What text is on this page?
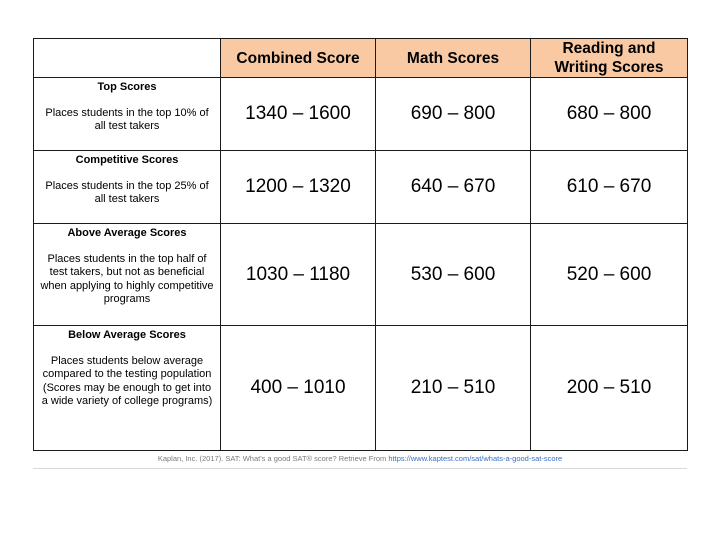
	Combined Score	Math Scores	Reading and
Writing Scores

Top Scores
Places students in the top 10% of all test takers	1340 – 1600	690 – 800	680 – 800

Competitive Scores
Places students in the top 25% of all test takers	1200 – 1320	640 – 670	610 – 670

Above Average Scores
Places students in the top half of test takers, but not as beneficial when applying to highly competitive programs	1030 – 1180	530 – 600	520 – 600

Below Average Scores
Places students below average compared to the testing population (Scores may be enough to get into a wide variety of college programs)	400 – 1010	210 – 510	200 – 510
Kaplan, Inc. (2017). SAT: What's a good SAT® score? Retrieve From https://www.kaptest.com/sat/whats-a-good-sat-score
